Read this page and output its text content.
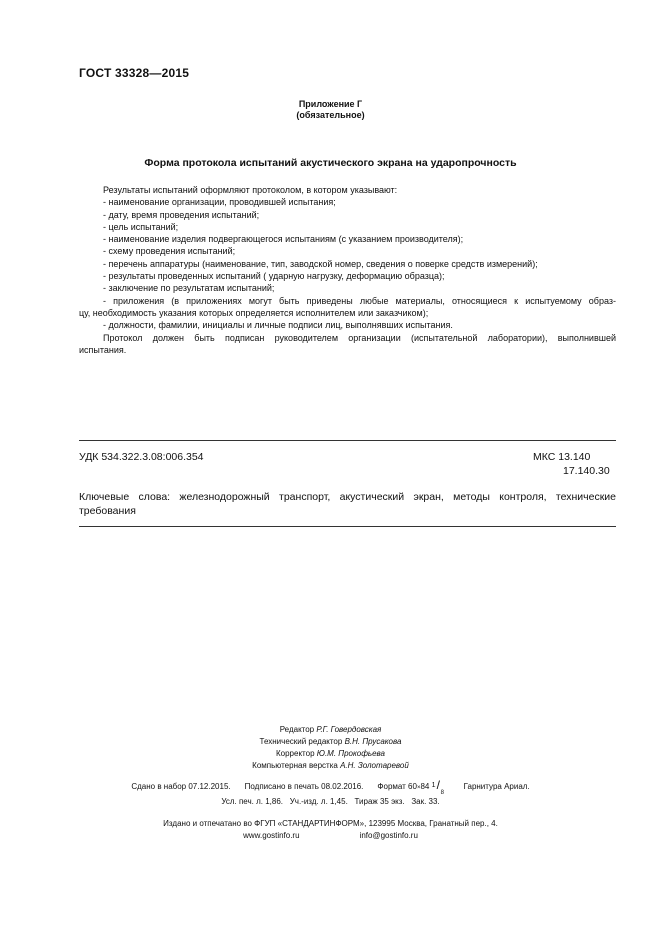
ГОСТ 33328—2015
Приложение Г
(обязательное)
Форма протокола испытаний акустического экрана на ударопрочность

Результаты испытаний оформляют протоколом, в котором указывают:

- наименование организации, проводившей испытания;

- дату, время проведения испытаний;

- цель испытаний;

- наименование изделия подвергающегося испытаниям (с указанием производителя);

- схему проведения испытаний;

- перечень аппаратуры (наименование, тип, заводской номер, сведения о поверке средств измерений);

- результаты проведенных испытаний ( ударную нагрузку, деформацию образца);

- заключение по результатам испытаний;

- приложения (в приложениях могут быть приведены любые материалы, относящиеся к испытуемому образ-

цу, необходимость указания которых определяется исполнителем или заказчиком);

- должности, фамилии, инициалы и личные подписи лиц, выполнявших испытания.

Протокол должен быть подписан руководителем организации (испытательной лаборатории), выполнившей

испытания.

УДК 534.322.3.08:006.354	МКС 13.140
17.140.30
Ключевые слова: железнодорожный транспорт, акустический экран, методы контроля, технические
требования
Редактор Р.Г. Говердовская
Технический редактор В.Н. Прусакова
Корректор Ю.М. Прокофьева
Компьютерная верстка А.Н. Золотаревой
Сдано в набор 07.12.2015. Подписано в печать 08.02.2016. Формат 60×84 1 /
8
Гарнитура Ариал.
Усл. печ. л. 1,86. Уч.-изд. л. 1,45. Тираж 35 экз. Зак. 33.
Издано и отпечатано во ФГУП «СТАНДАРТИНФОРМ», 123995 Москва, Гранатный пер., 4.
www.gostinfo.ru	info@gostinfo.ru
